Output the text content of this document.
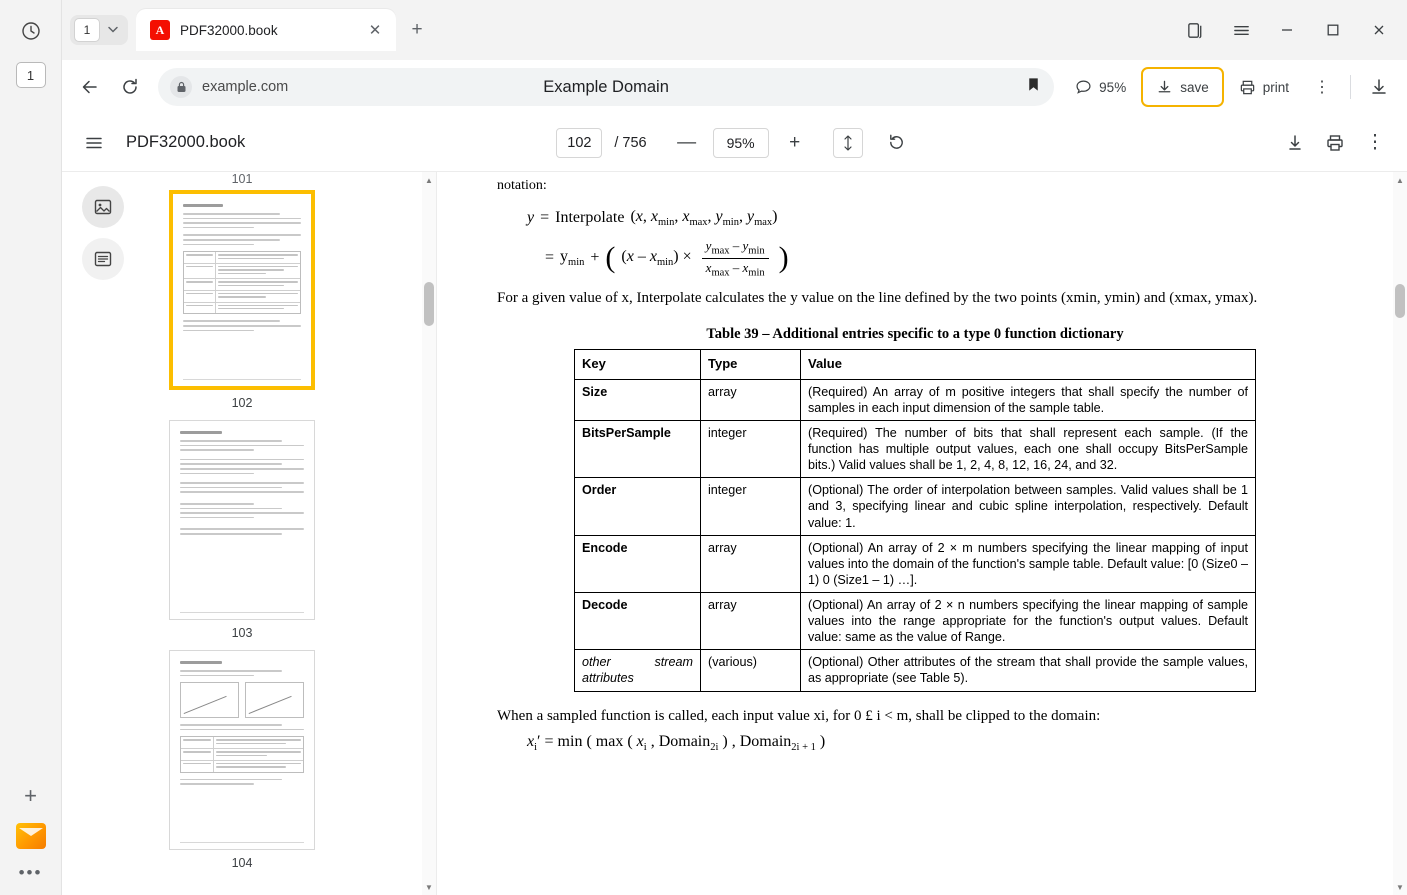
1
+
•••
1	A	PDF32000.book	✕	+
example.com	Example Domain	95%	save	print	⋮
PDF32000.book
102	/ 756	—	95%	+	⋮
101
102
103
104
▲
▼
notation:
y = Interpolate (x, $x_{min}$, $x_{max}$, $y_{min}$, $y_{max}$)
= $y_{min}$ + ( $(x - x_{min}) \times \frac{y_{max} - y_{min}}{x_{max} - x_{min}}$ )
For a given value of x, Interpolate calculates the y value on the line defined by the two points (xmin, ymin) and (xmax, ymax).
Table 39 – Additional entries specific to a type 0 function dictionary
Key	Type	Value
Size	array	(Required) An array of m positive integers that shall specify the number of samples in each input dimension of the sample table.
BitsPerSample	integer	(Required) The number of bits that shall represent each sample. (If the function has multiple output values, each one shall occupy BitsPerSample bits.) Valid values shall be 1, 2, 4, 8, 12, 16, 24, and 32.
Order	integer	(Optional) The order of interpolation between samples. Valid values shall be 1 and 3, specifying linear and cubic spline interpolation, respectively. Default value: 1.
Encode	array	(Optional) An array of 2 × m numbers specifying the linear mapping of input values into the domain of the function's sample table. Default value: [0 (Size0 – 1) 0 (Size1 – 1) …].
Decode	array	(Optional) An array of 2 × n numbers specifying the linear mapping of sample values into the range appropriate for the function's output values. Default value: same as the value of Range.
other stream attributes	(various)	(Optional) Other attributes of the stream that shall provide the sample values, as appropriate (see Table 5).
When a sampled function is called, each input value xi, for 0 £ i < m, shall be clipped to the domain:
$x_i' = \min$ ( max ( $x_i$ , Domain$_{2i}$ ) , Domain$_{2i + 1}$ )
▲
▼
